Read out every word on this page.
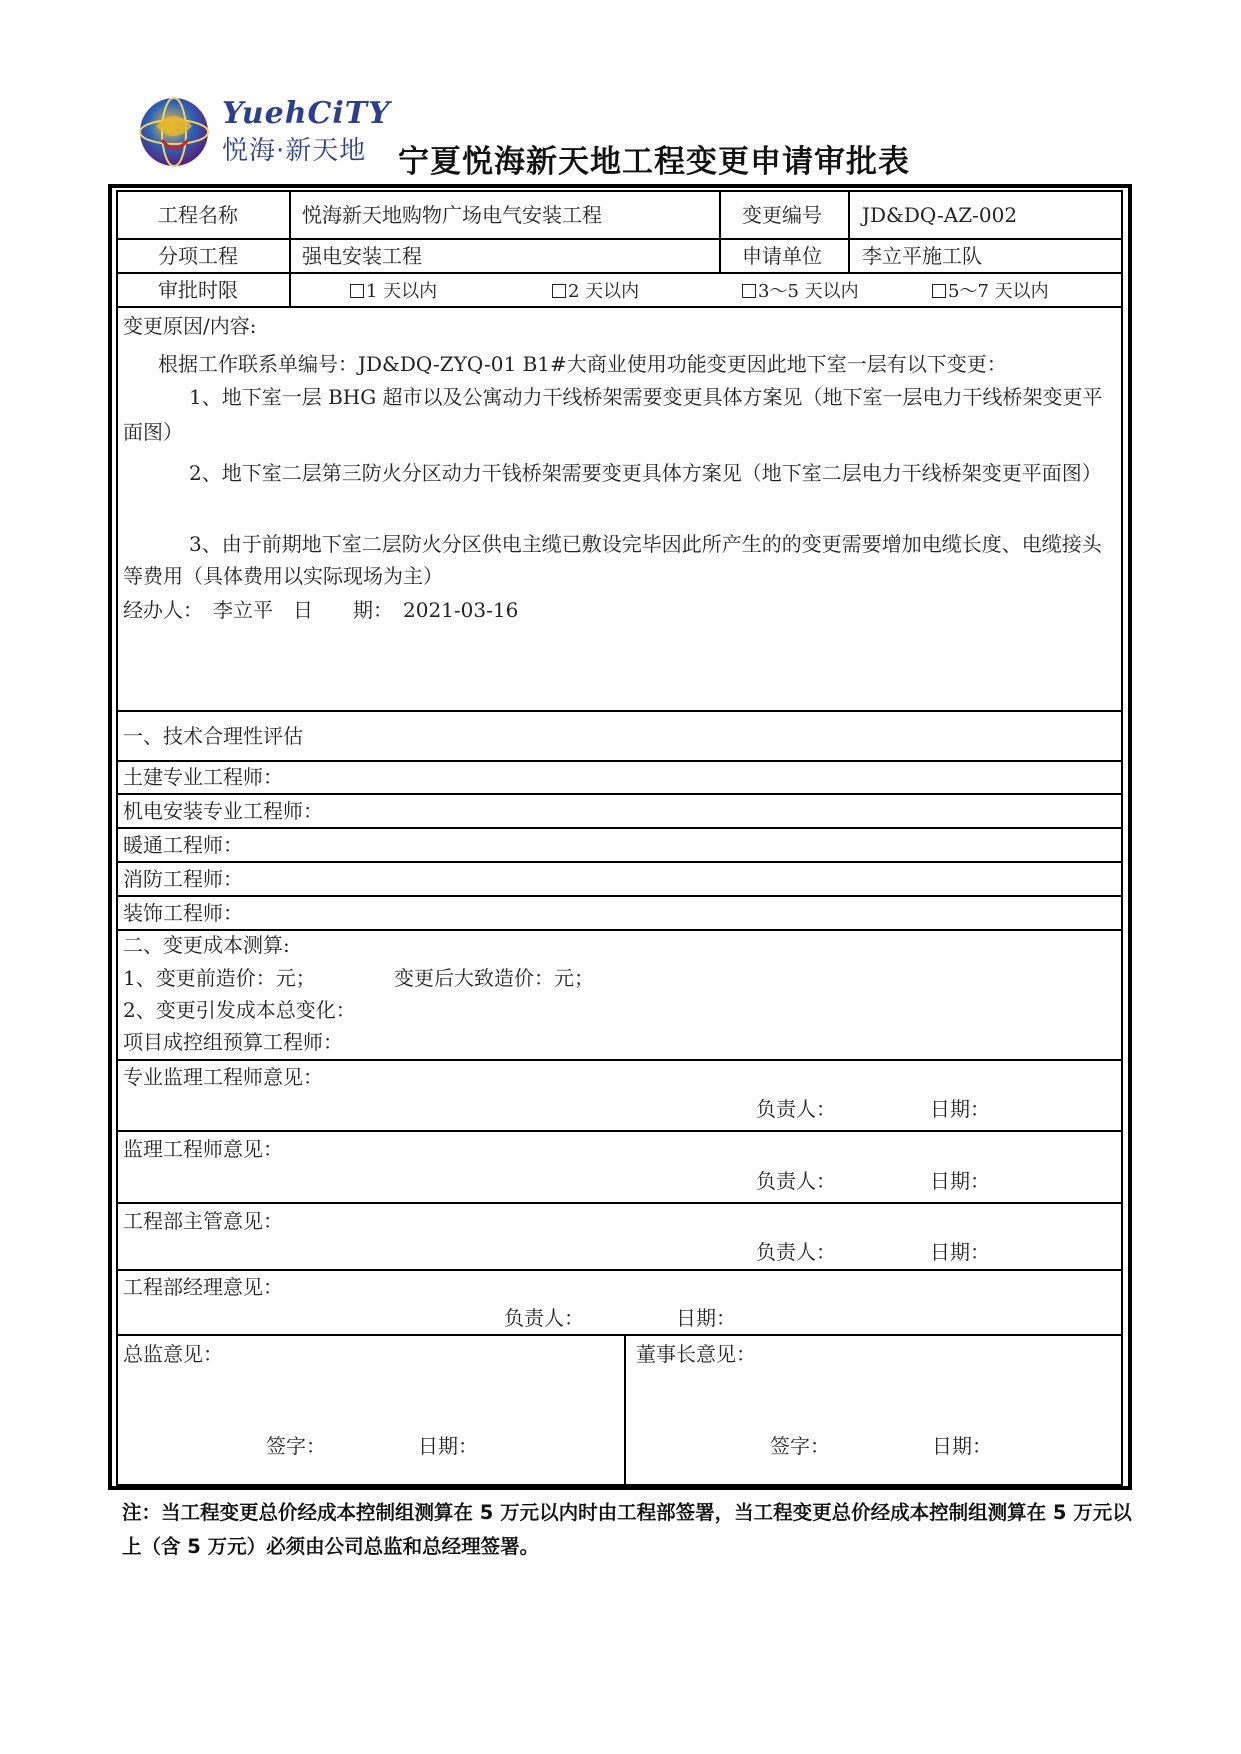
YuehCiTY
悦海·新天地 宁夏悦海新天地工程变更申请审批表
工程名称	悦海新天地购物广场电气安装工程	变更编号 JD&DQ-AZ-002
分项工程	强电安装工程	申请单位 李立平施工队
审批时限	1 天以内	2 天以内	3～5 天以内	5～7 天以内
变更原因/内容:
根据工作联系单编号：JD&DQ-ZYQ-01 B1#大商业使用功能变更因此地下室一层有以下变更：
1、地下室一层 BHG 超市以及公寓动力干线桥架需要变更具体方案见（地下室一层电力干线桥架变更平面图）
2、地下室二层第三防火分区动力干钱桥架需要变更具体方案见（地下室二层电力干线桥架变更平面图）
3、由于前期地下室二层防火分区供电主缆已敷设完毕因此所产生的的变更需要增加电缆长度、电缆接头等费用（具体费用以实际现场为主）
经办人：　李立平　日　　期：　2021-03-16
一、技术合理性评估
土建专业工程师：
机电安装专业工程师：
暖通工程师：
消防工程师：
装饰工程师：
二、变更成本测算:
1、变更前造价：元；	变更后大致造价：元；
2、变更引发成本总变化：
项目成控组预算工程师：
专业监理工程师意见：
负责人：	日期：
监理工程师意见：
负责人：	日期：
工程部主管意见：
负责人：	日期：
工程部经理意见：
负责人：	日期：
总监意见：
签字：	日期：
董事长意见：
签字：	日期：
注：当工程变更总价经成本控制组测算在 5 万元以内时由工程部签署，当工程变更总价经成本控制组测算在 5 万元以上（含 5 万元）必须由公司总监和总经理签署。
